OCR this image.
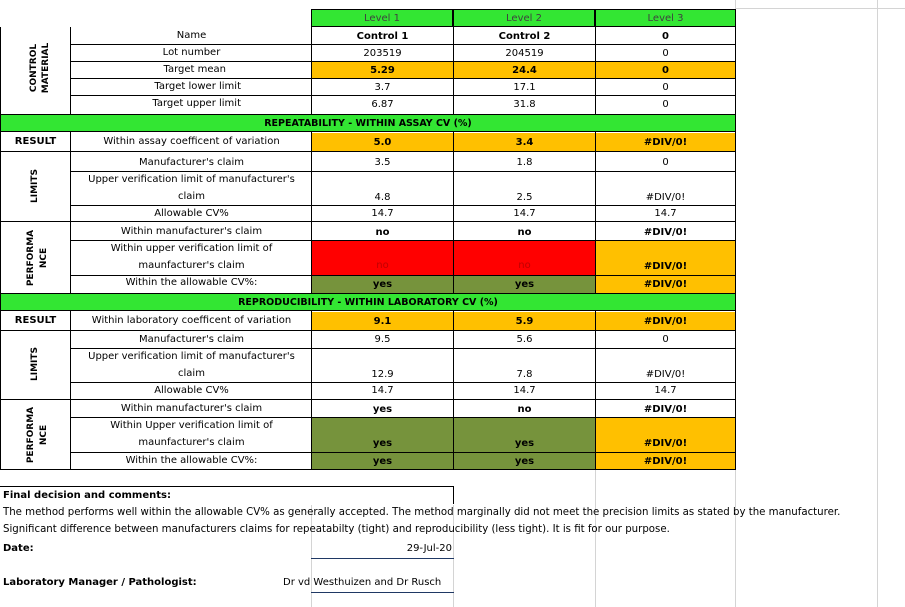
Level 1	Level 2	Level 3
CONTROL MATERIAL
Name	Control 1	Control 2	0
Lot number	203519	204519	0
Target mean	5.29	24.4	0
Target lower limit	3.7	17.1	0
Target upper limit	6.87	31.8	0
REPEATABILITY - WITHIN ASSAY CV (%)
RESULT	Within assay coefficent of variation	5.0	3.4	#DIV/0!
LIMITS
Manufacturer's claim	3.5	1.8	0
Upper verification limit of manufacturer's
claim	4.8	2.5	#DIV/0!
Allowable CV%	14.7	14.7	14.7
PERFORMA NCE
Within manufacturer's claim	no	no	#DIV/0!
Within upper verification limit of
maunfacturer's claim	no	no	#DIV/0!
Within the allowable CV%:	yes	yes	#DIV/0!
REPRODUCIBILITY - WITHIN LABORATORY CV (%)
RESULT	Within laboratory coefficent of variation	9.1	5.9	#DIV/0!
LIMITS
Manufacturer's claim	9.5	5.6	0
Upper verification limit of manufacturer's
claim	12.9	7.8	#DIV/0!
Allowable CV%	14.7	14.7	14.7
PERFORMA NCE
Within manufacturer's claim	yes	no	#DIV/0!
Within Upper verification limit of
maunfacturer's claim	yes	yes	#DIV/0!
Within the allowable CV%:	yes	yes	#DIV/0!
Final decision and comments:
The method performs well within the allowable CV% as generally accepted. The method marginally did not meet the precision limits as stated by the manufacturer.
Significant difference between manufacturers claims for repeatabilty (tight) and reproducibility (less tight). It is fit for our purpose.
Date:	29-Jul-20
Laboratory Manager / Pathologist:	Dr vd Westhuizen and Dr Rusch
